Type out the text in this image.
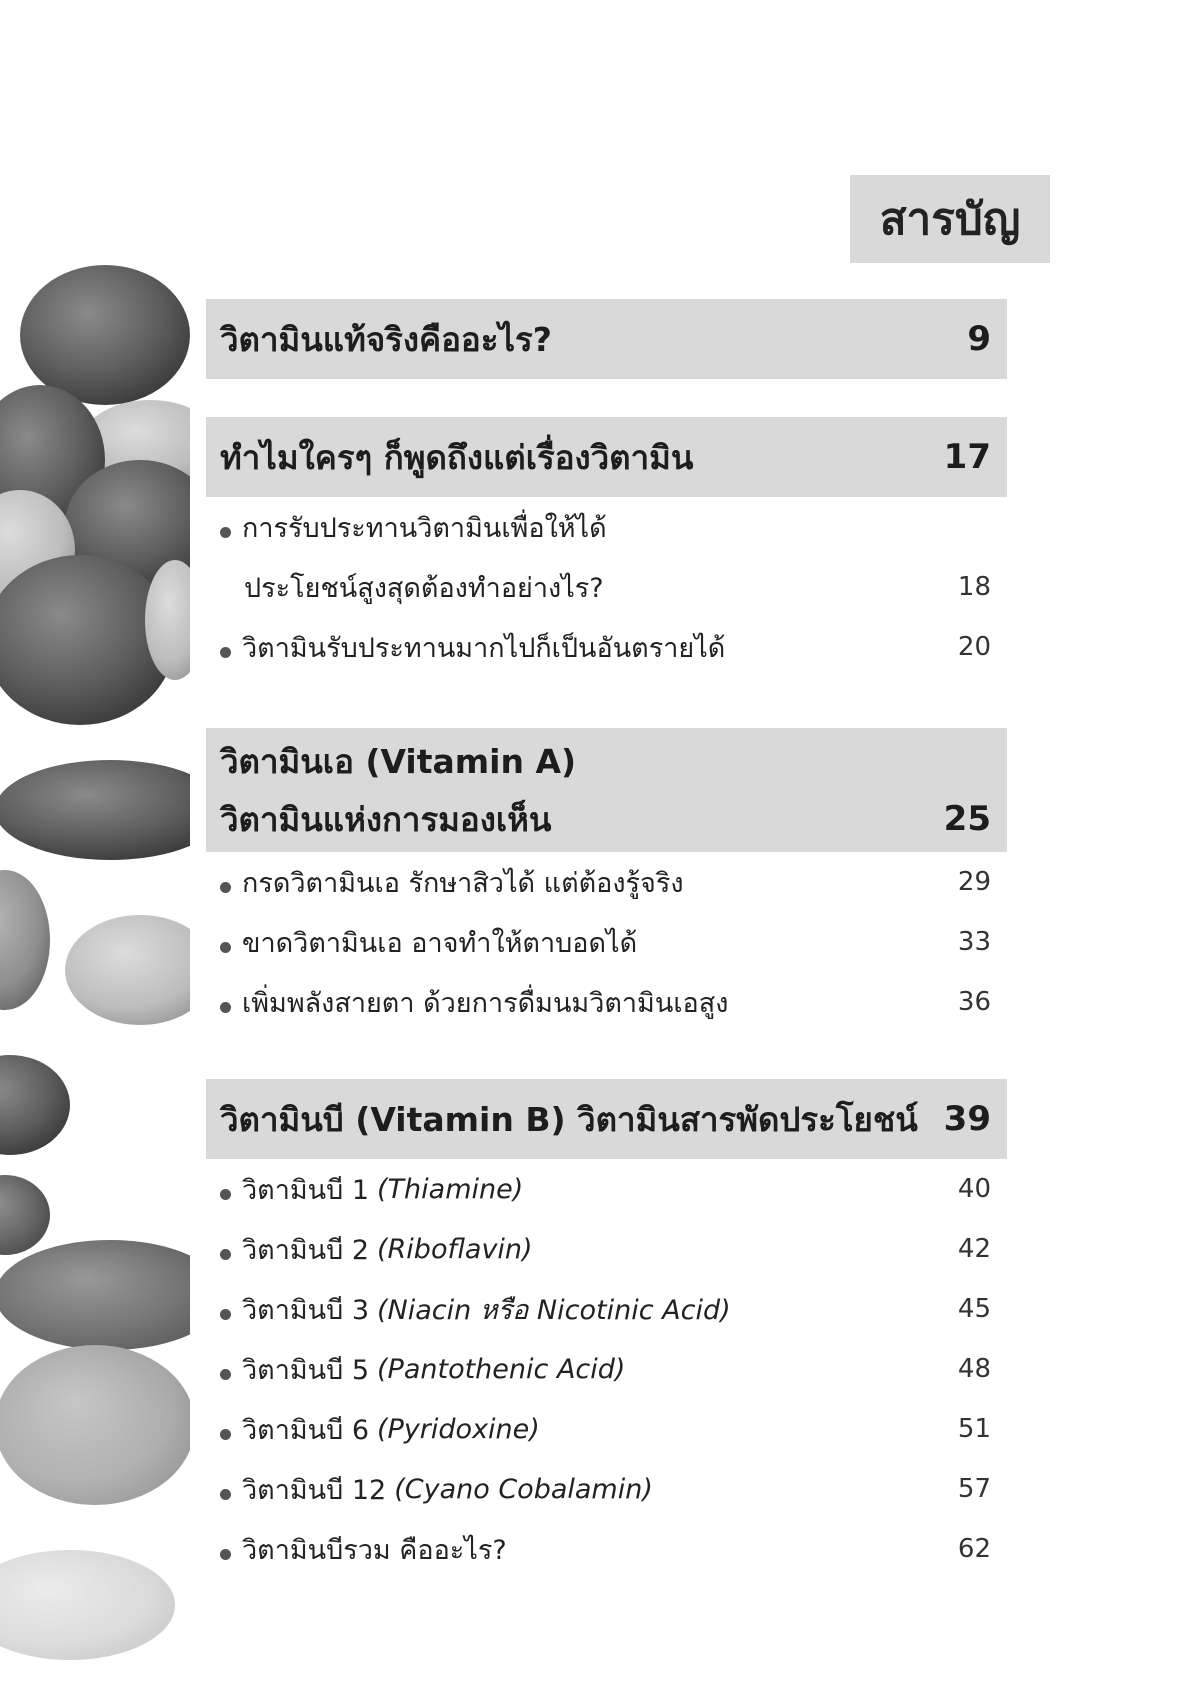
สารบัญ
วิตามินแท้จริงคืออะไร?	9
ทำไมใครๆ ก็พูดถึงแต่เรื่องวิตามิน	17
การรับประทานวิตามินเพื่อให้ได้
ประโยชน์สูงสุดต้องทำอย่างไร?	18
วิตามินรับประทานมากไปก็เป็นอันตรายได้	20
วิตามินเอ (Vitamin A)
วิตามินแห่งการมองเห็น	25
กรดวิตามินเอ รักษาสิวได้ แต่ต้องรู้จริง	29
ขาดวิตามินเอ อาจทำให้ตาบอดได้	33
เพิ่มพลังสายตา ด้วยการดื่มนมวิตามินเอสูง	36
วิตามินบี (Vitamin B) วิตามินสารพัดประโยชน์ 39
วิตามินบี 1 (Thiamine)	40
วิตามินบี 2 (Riboflavin)	42
วิตามินบี 3 (Niacin หรือ Nicotinic Acid)	45
วิตามินบี 5 (Pantothenic Acid)	48
วิตามินบี 6 (Pyridoxine)	51
วิตามินบี 12 (Cyano Cobalamin)	57
วิตามินบีรวม คืออะไร?	62
